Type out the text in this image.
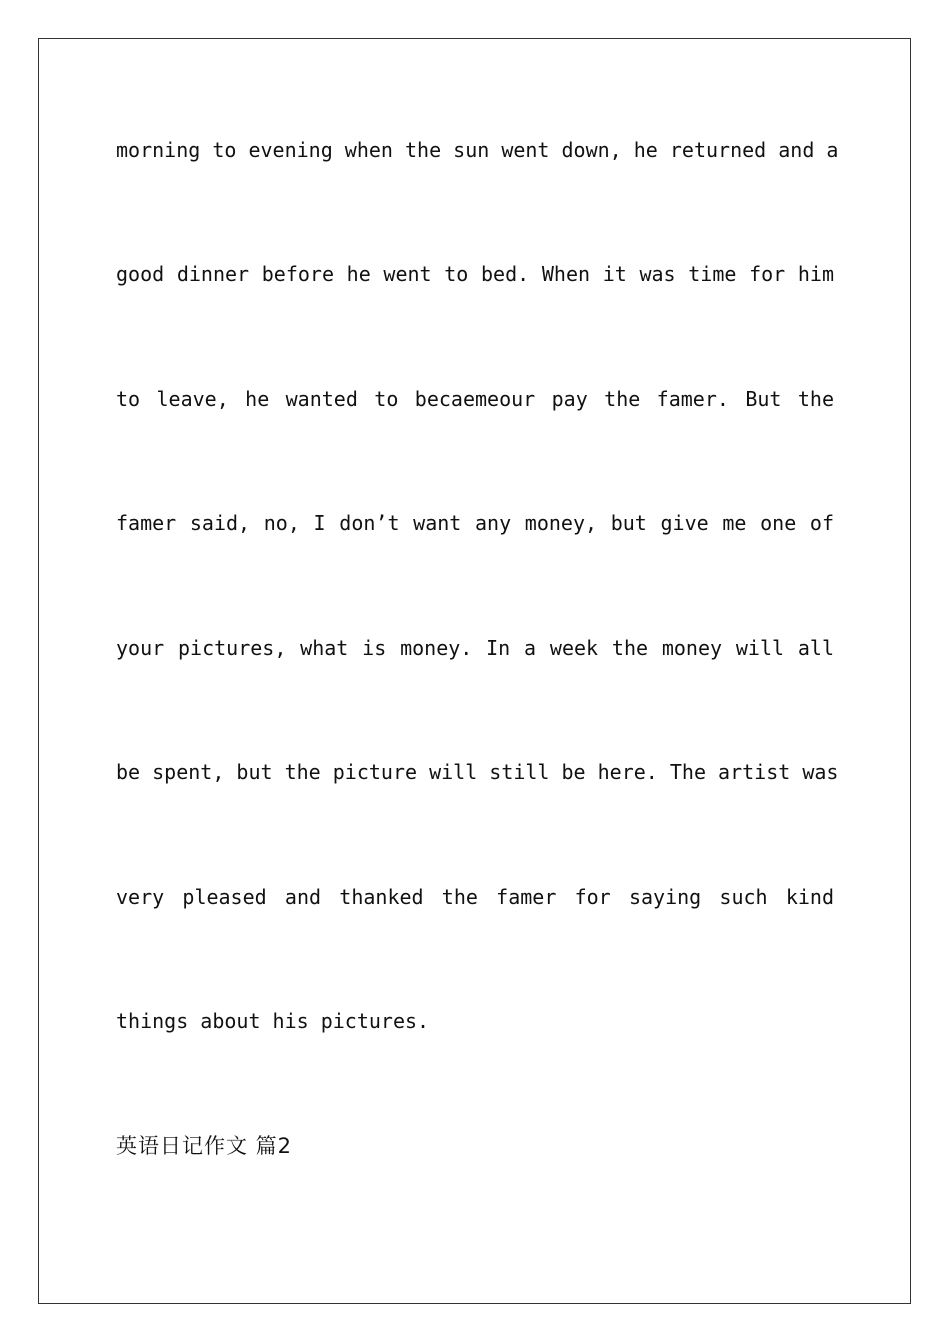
morning to evening when the sun went down, he returned and a
good dinner before he went to bed. When it was time for him
to leave, he wanted to becaemeour pay the famer. But the
famer said, no, I don’t want any money, but give me one of
your pictures, what is money. In a week the money will all
be spent, but the picture will still be here. The artist was
very pleased and thanked the famer for saying such kind
things about his pictures.
英语日记作文 篇2
